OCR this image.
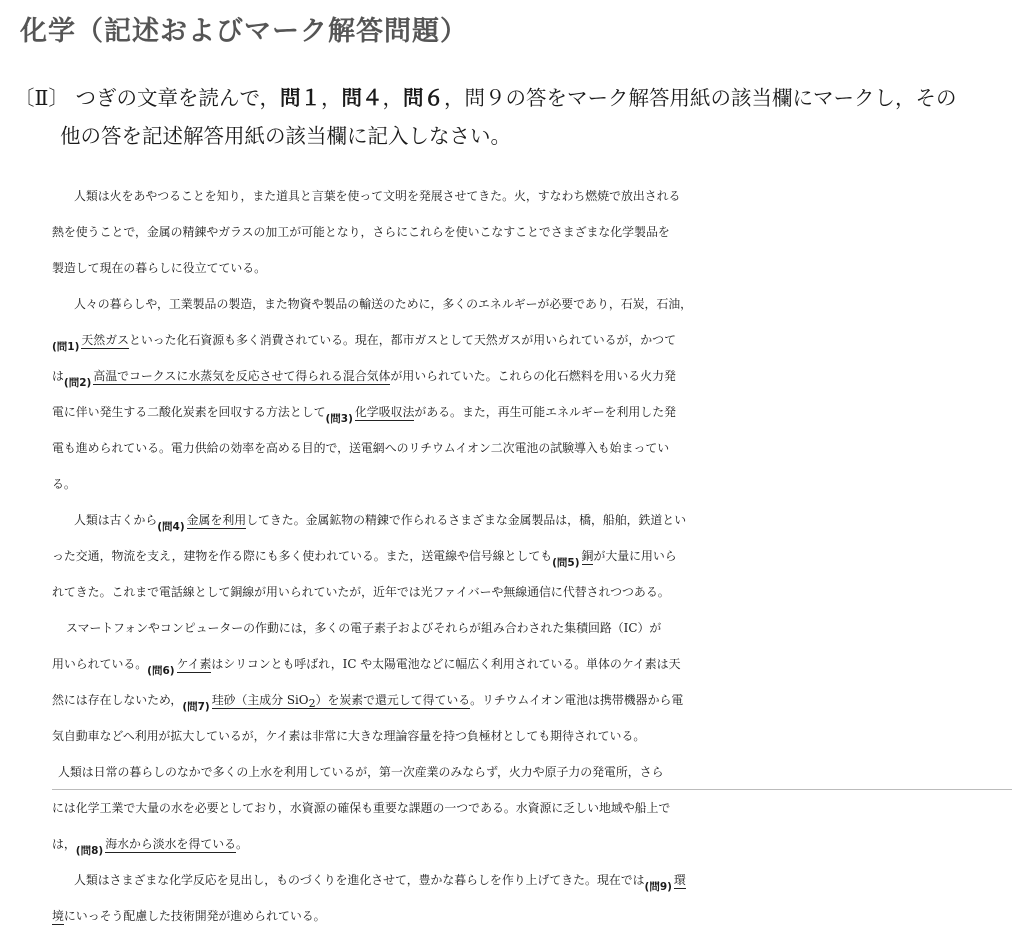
化学（記述およびマーク解答問題）
〔Ⅱ〕 つぎの文章を読んで，問１，問４，問６，問９の答をマーク解答用紙の該当欄にマークし，その
他の答を記述解答用紙の該当欄に記入しなさい。
人類は火をあやつることを知り，また道具と言葉を使って文明を発展させてきた。火，すなわち燃焼で放出される
熱を使うことで，金属の精錬やガラスの加工が可能となり，さらにこれらを使いこなすことでさまざまな化学製品を
製造して現在の暮らしに役立てている。
人々の暮らしや，工業製品の製造，また物資や製品の輸送のために，多くのエネルギーが必要であり，石炭，石油，
(問1) 天然ガスといった化石資源も多く消費されている。現在，都市ガスとして天然ガスが用いられているが，かつて
は(問2) 高温でコークスに水蒸気を反応させて得られる混合気体が用いられていた。これらの化石燃料を用いる火力発
電に伴い発生する二酸化炭素を回収する方法として(問3) 化学吸収法がある。また，再生可能エネルギーを利用した発
電も進められている。電力供給の効率を高める目的で，送電網へのリチウムイオン二次電池の試験導入も始まってい
る。
人類は古くから(問4) 金属を利用してきた。金属鉱物の精錬で作られるさまざまな金属製品は，橋，船舶，鉄道とい
った交通，物流を支え，建物を作る際にも多く使われている。また，送電線や信号線としても(問5) 銅が大量に用いら
れてきた。これまで電話線として銅線が用いられていたが，近年では光ファイバーや無線通信に代替されつつある。
スマートフォンやコンピューターの作動には，多くの電子素子およびそれらが組み合わされた集積回路（IC）が
用いられている。(問6) ケイ素はシリコンとも呼ばれ，IC や太陽電池などに幅広く利用されている。単体のケイ素は天
然には存在しないため，(問7) 珪砂（主成分 SiO2）を炭素で還元して得ている。リチウムイオン電池は携帯機器から電
気自動車などへ利用が拡大しているが，ケイ素は非常に大きな理論容量を持つ負極材としても期待されている。
人類は日常の暮らしのなかで多くの上水を利用しているが，第一次産業のみならず，火力や原子力の発電所，さら
には化学工業で大量の水を必要としており，水資源の確保も重要な課題の一つである。水資源に乏しい地域や船上で
は，(問8) 海水から淡水を得ている。
人類はさまざまな化学反応を見出し，ものづくりを進化させて，豊かな暮らしを作り上げてきた。現在では(問9) 環
境にいっそう配慮した技術開発が進められている。
